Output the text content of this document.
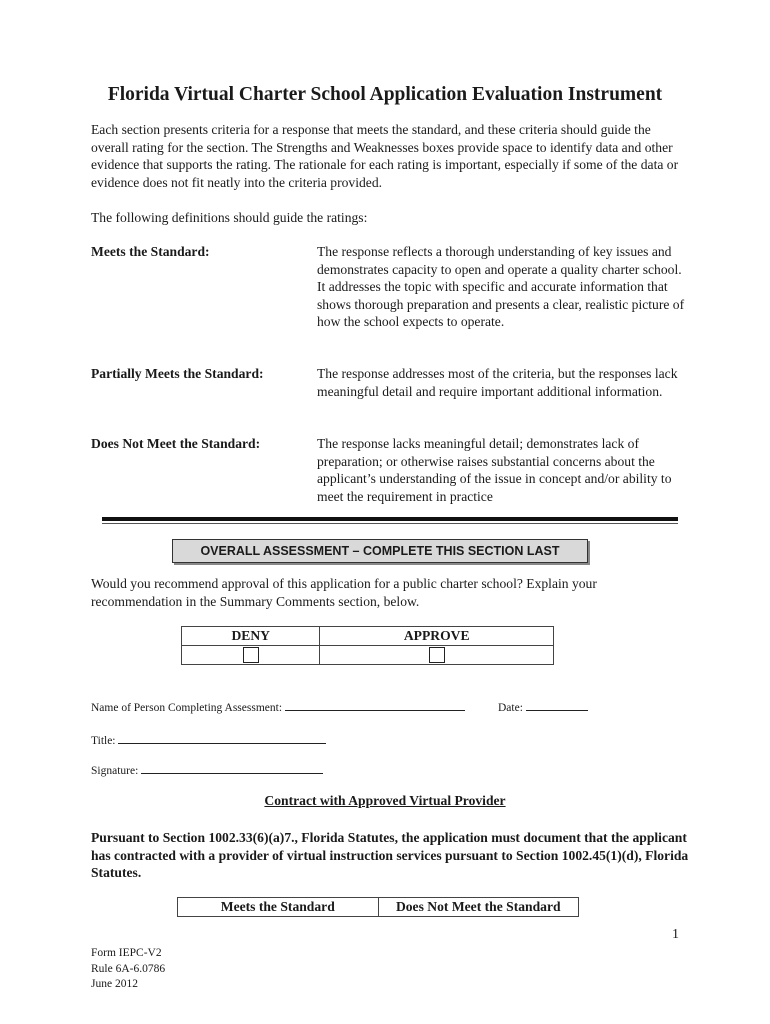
Florida Virtual Charter School Application Evaluation Instrument
Each section presents criteria for a response that meets the standard, and these criteria should guide the overall rating for the section. The Strengths and Weaknesses boxes provide space to identify data and other evidence that supports the rating. The rationale for each rating is important, especially if some of the data or evidence does not fit neatly into the criteria provided.
The following definitions should guide the ratings:
Meets the Standard:	The response reflects a thorough understanding of key issues and demonstrates capacity to open and operate a quality charter school. It addresses the topic with specific and accurate information that shows thorough preparation and presents a clear, realistic picture of how the school expects to operate.
Partially Meets the Standard:	The response addresses most of the criteria, but the responses lack meaningful detail and require important additional information.
Does Not Meet the Standard:	The response lacks meaningful detail; demonstrates lack of preparation; or otherwise raises substantial concerns about the applicant’s understanding of the issue in concept and/or ability to meet the requirement in practice
OVERALL ASSESSMENT – COMPLETE THIS SECTION LAST
Would you recommend approval of this application for a public charter school? Explain your recommendation in the Summary Comments section, below.
DENY	APPROVE

Name of Person Completing Assessment:	Date:
Title:
Signature:
Contract with Approved Virtual Provider
Pursuant to Section 1002.33(6)(a)7., Florida Statutes, the application must document that the applicant has contracted with a provider of virtual instruction services pursuant to Section 1002.45(1)(d), Florida Statutes.
Meets the Standard	Does Not Meet the Standard
1
Form IEPC-V2
Rule 6A-6.0786
June 2012
